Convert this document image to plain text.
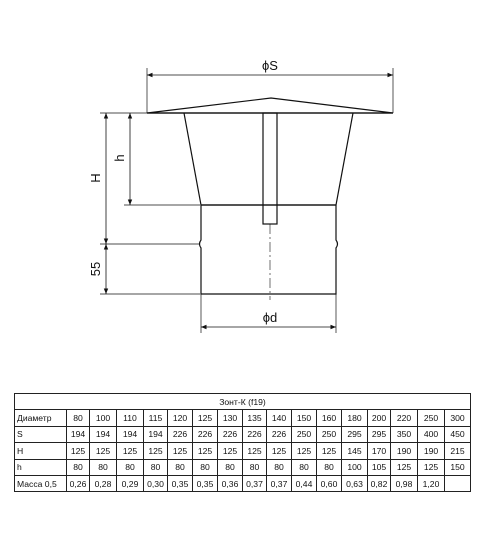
ϕS
H
h
55
ϕd
Зонт-К (f19)																
Диаметр	80	100	110	115	120	125	130	135	140	150	160	180	200	220	250	300
S	194	194	194	194	226	226	226	226	226	250	250	295	295	350	400	450
H	125	125	125	125	125	125	125	125	125	125	125	145	170	190	190	215
h	80	80	80	80	80	80	80	80	80	80	80	100	105	125	125	150
Масса 0,5	0,26	0,28	0,29	0,30	0,35	0,35	0,36	0,37	0,37	0,44	0,60	0,63	0,82	0,98	1,20	
